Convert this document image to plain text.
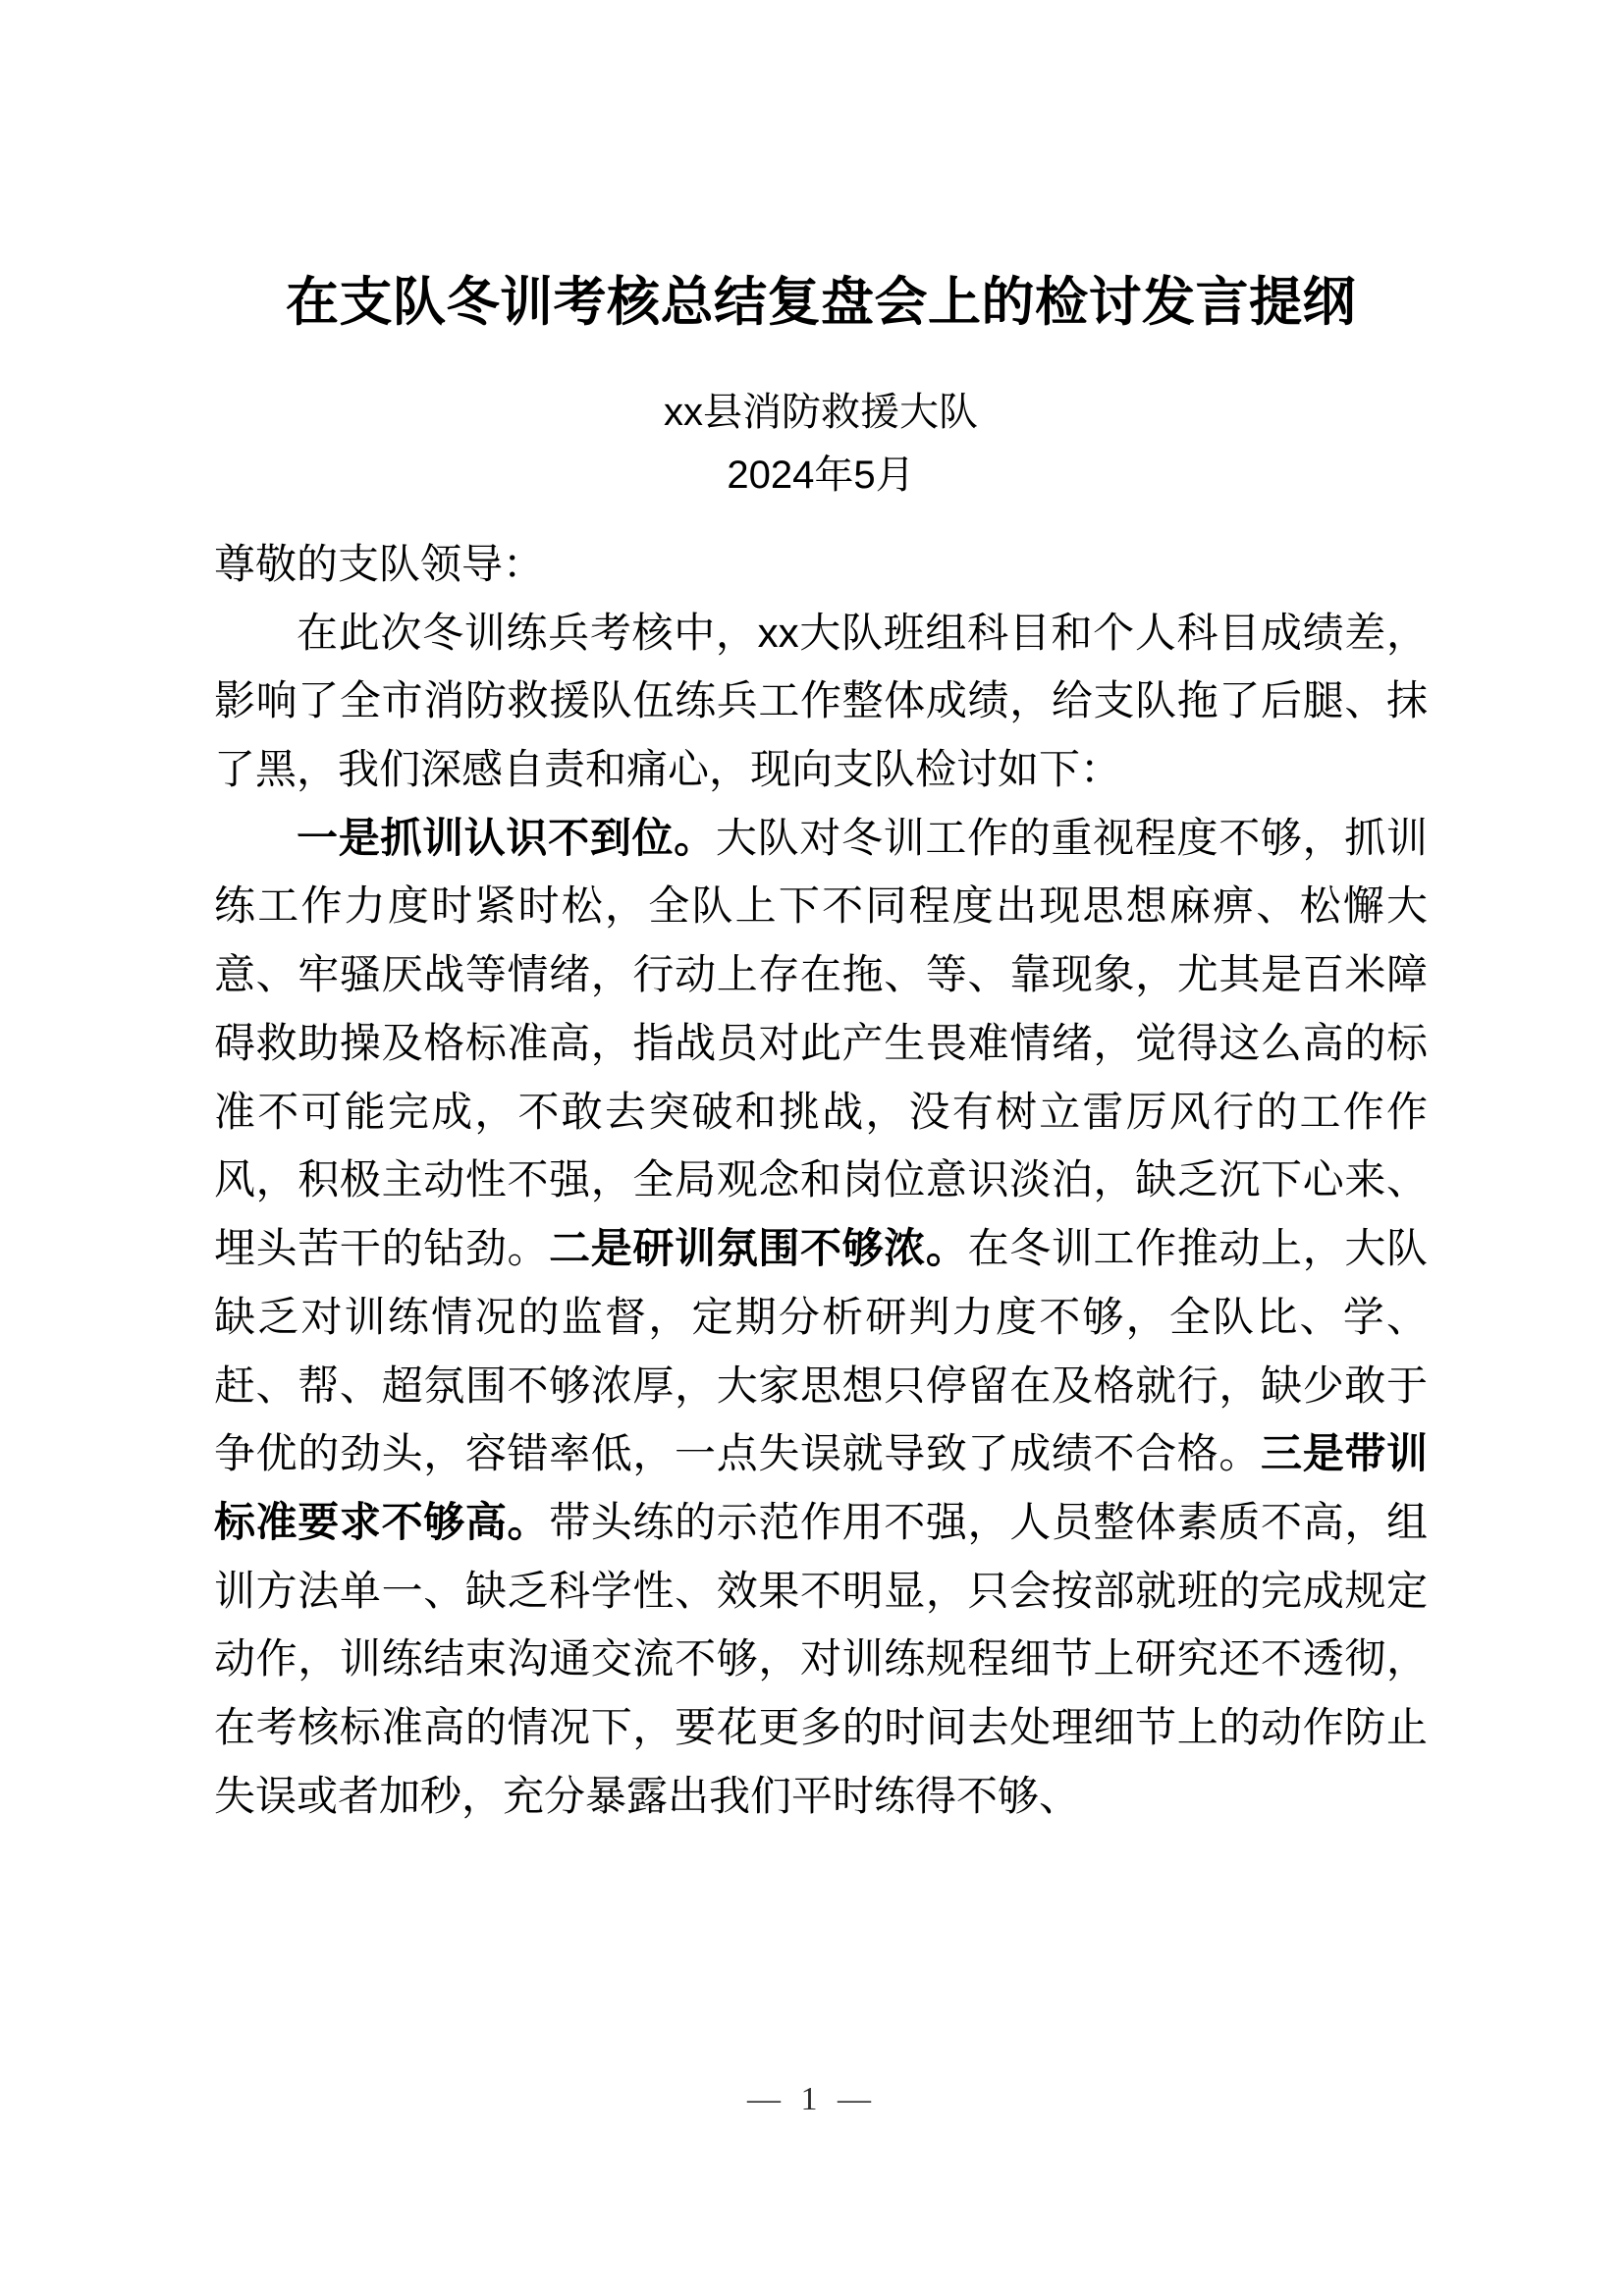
在支队冬训考核总结复盘会上的检讨发言提纲

xx县消防救援大队

2024年5月

尊敬的支队领导：

在此次冬训练兵考核中，xx大队班组科目和个人科目成绩差，影响了全市消防救援队伍练兵工作整体成绩，给支队拖了后腿、抹了黑，我们深感自责和痛心，现向支队检讨如下：

一是抓训认识不到位。大队对冬训工作的重视程度不够，抓训练工作力度时紧时松，全队上下不同程度出现思想麻痹、松懈大意、牢骚厌战等情绪，行动上存在拖、等、靠现象，尤其是百米障碍救助操及格标准高，指战员对此产生畏难情绪，觉得这么高的标准不可能完成，不敢去突破和挑战，没有树立雷厉风行的工作作风，积极主动性不强，全局观念和岗位意识淡泊，缺乏沉下心来、埋头苦干的钻劲。二是研训氛围不够浓。在冬训工作推动上，大队缺乏对训练情况的监督，定期分析研判力度不够，全队比、学、赶、帮、超氛围不够浓厚，大家思想只停留在及格就行，缺少敢于争优的劲头，容错率低，一点失误就导致了成绩不合格。三是带训标准要求不够高。带头练的示范作用不强，人员整体素质不高，组训方法单一、缺乏科学性、效果不明显，只会按部就班的完成规定动作，训练结束沟通交流不够，对训练规程细节上研究还不透彻，在考核标准高的情况下，要花更多的时间去处理细节上的动作防止失误或者加秒，充分暴露出我们平时练得不够、

— 1 —
